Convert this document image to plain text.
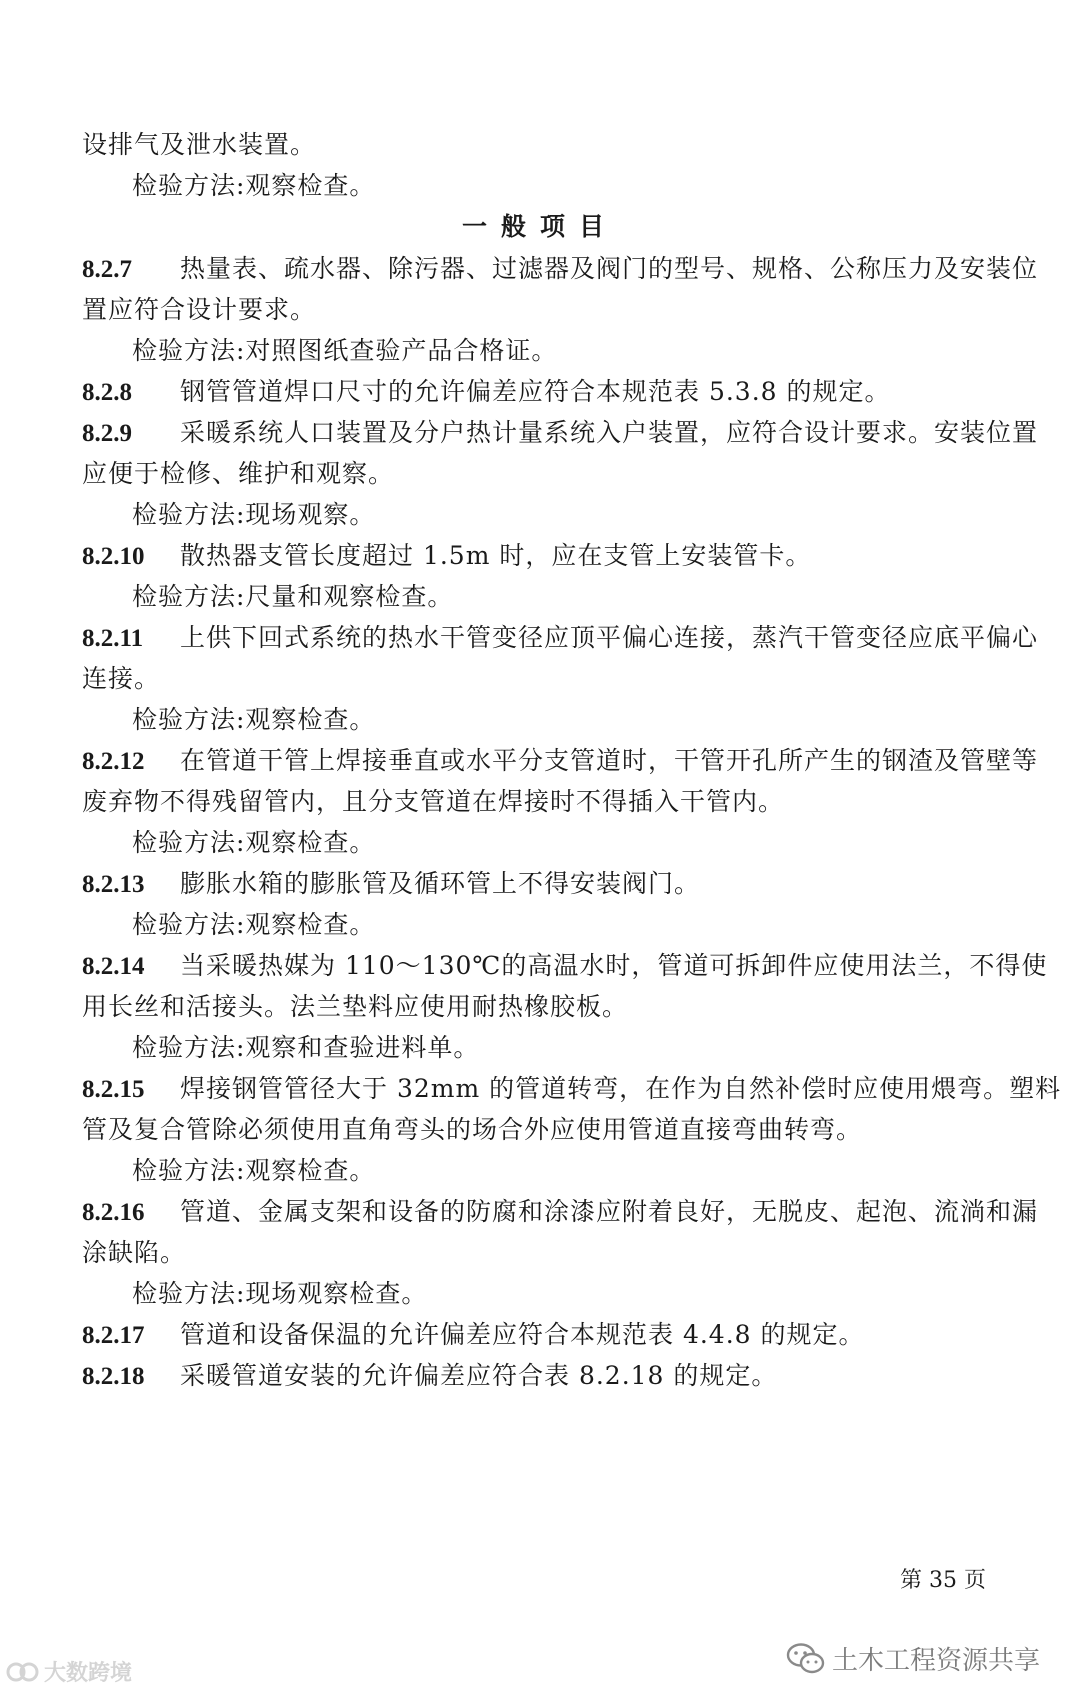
设排气及泄水装置。
检验方法:观察检查。
一般项目
8.2.7 热量表、疏水器、除污器、过滤器及阀门的型号、规格、公称压力及安装位
置应符合设计要求。
检验方法:对照图纸查验产品合格证。
8.2.8 钢管管道焊口尺寸的允许偏差应符合本规范表 5.3.8 的规定。
8.2.9 采暖系统人口装置及分户热计量系统入户装置，应符合设计要求。安装位置
应便于检修、维护和观察。
检验方法:现场观察。
8.2.10 散热器支管长度超过 1.5m 时，应在支管上安装管卡。
检验方法:尺量和观察检查。
8.2.11 上供下回式系统的热水干管变径应顶平偏心连接，蒸汽干管变径应底平偏心
连接。
检验方法:观察检查。
8.2.12 在管道干管上焊接垂直或水平分支管道时，干管开孔所产生的钢渣及管壁等
废弃物不得残留管内，且分支管道在焊接时不得插入干管内。
检验方法:观察检查。
8.2.13 膨胀水箱的膨胀管及循环管上不得安装阀门。
检验方法:观察检查。
8.2.14 当采暖热媒为 110～130℃的高温水时，管道可拆卸件应使用法兰，不得使
用长丝和活接头。法兰垫料应使用耐热橡胶板。
检验方法:观察和查验进料单。
8.2.15 焊接钢管管径大于 32mm 的管道转弯，在作为自然补偿时应使用煨弯。塑料
管及复合管除必须使用直角弯头的场合外应使用管道直接弯曲转弯。
检验方法:观察检查。
8.2.16 管道、金属支架和设备的防腐和涂漆应附着良好，无脱皮、起泡、流淌和漏
涂缺陷。
检验方法:现场观察检查。
8.2.17 管道和设备保温的允许偏差应符合本规范表 4.4.8 的规定。
8.2.18 采暖管道安装的允许偏差应符合表 8.2.18 的规定。
第 35 页
大数跨境	土木工程资源共享
